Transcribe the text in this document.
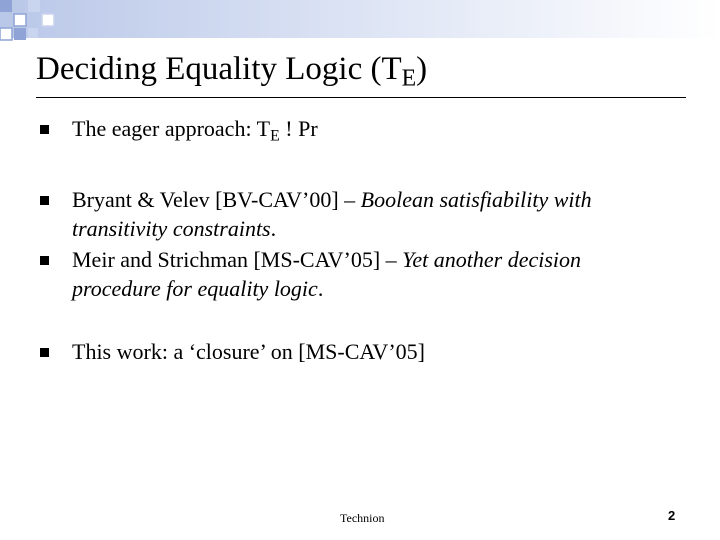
Deciding Equality Logic $(T_E)$
The eager approach: $T_E$ ! Pr
Bryant & Velev [BV-CAV’00] – Boolean satisfiability with transitivity constraints.
Meir and Strichman [MS-CAV’05] – Yet another decision procedure for equality logic.
This work: a ‘closure’ on [MS-CAV’05]
Technion	2
